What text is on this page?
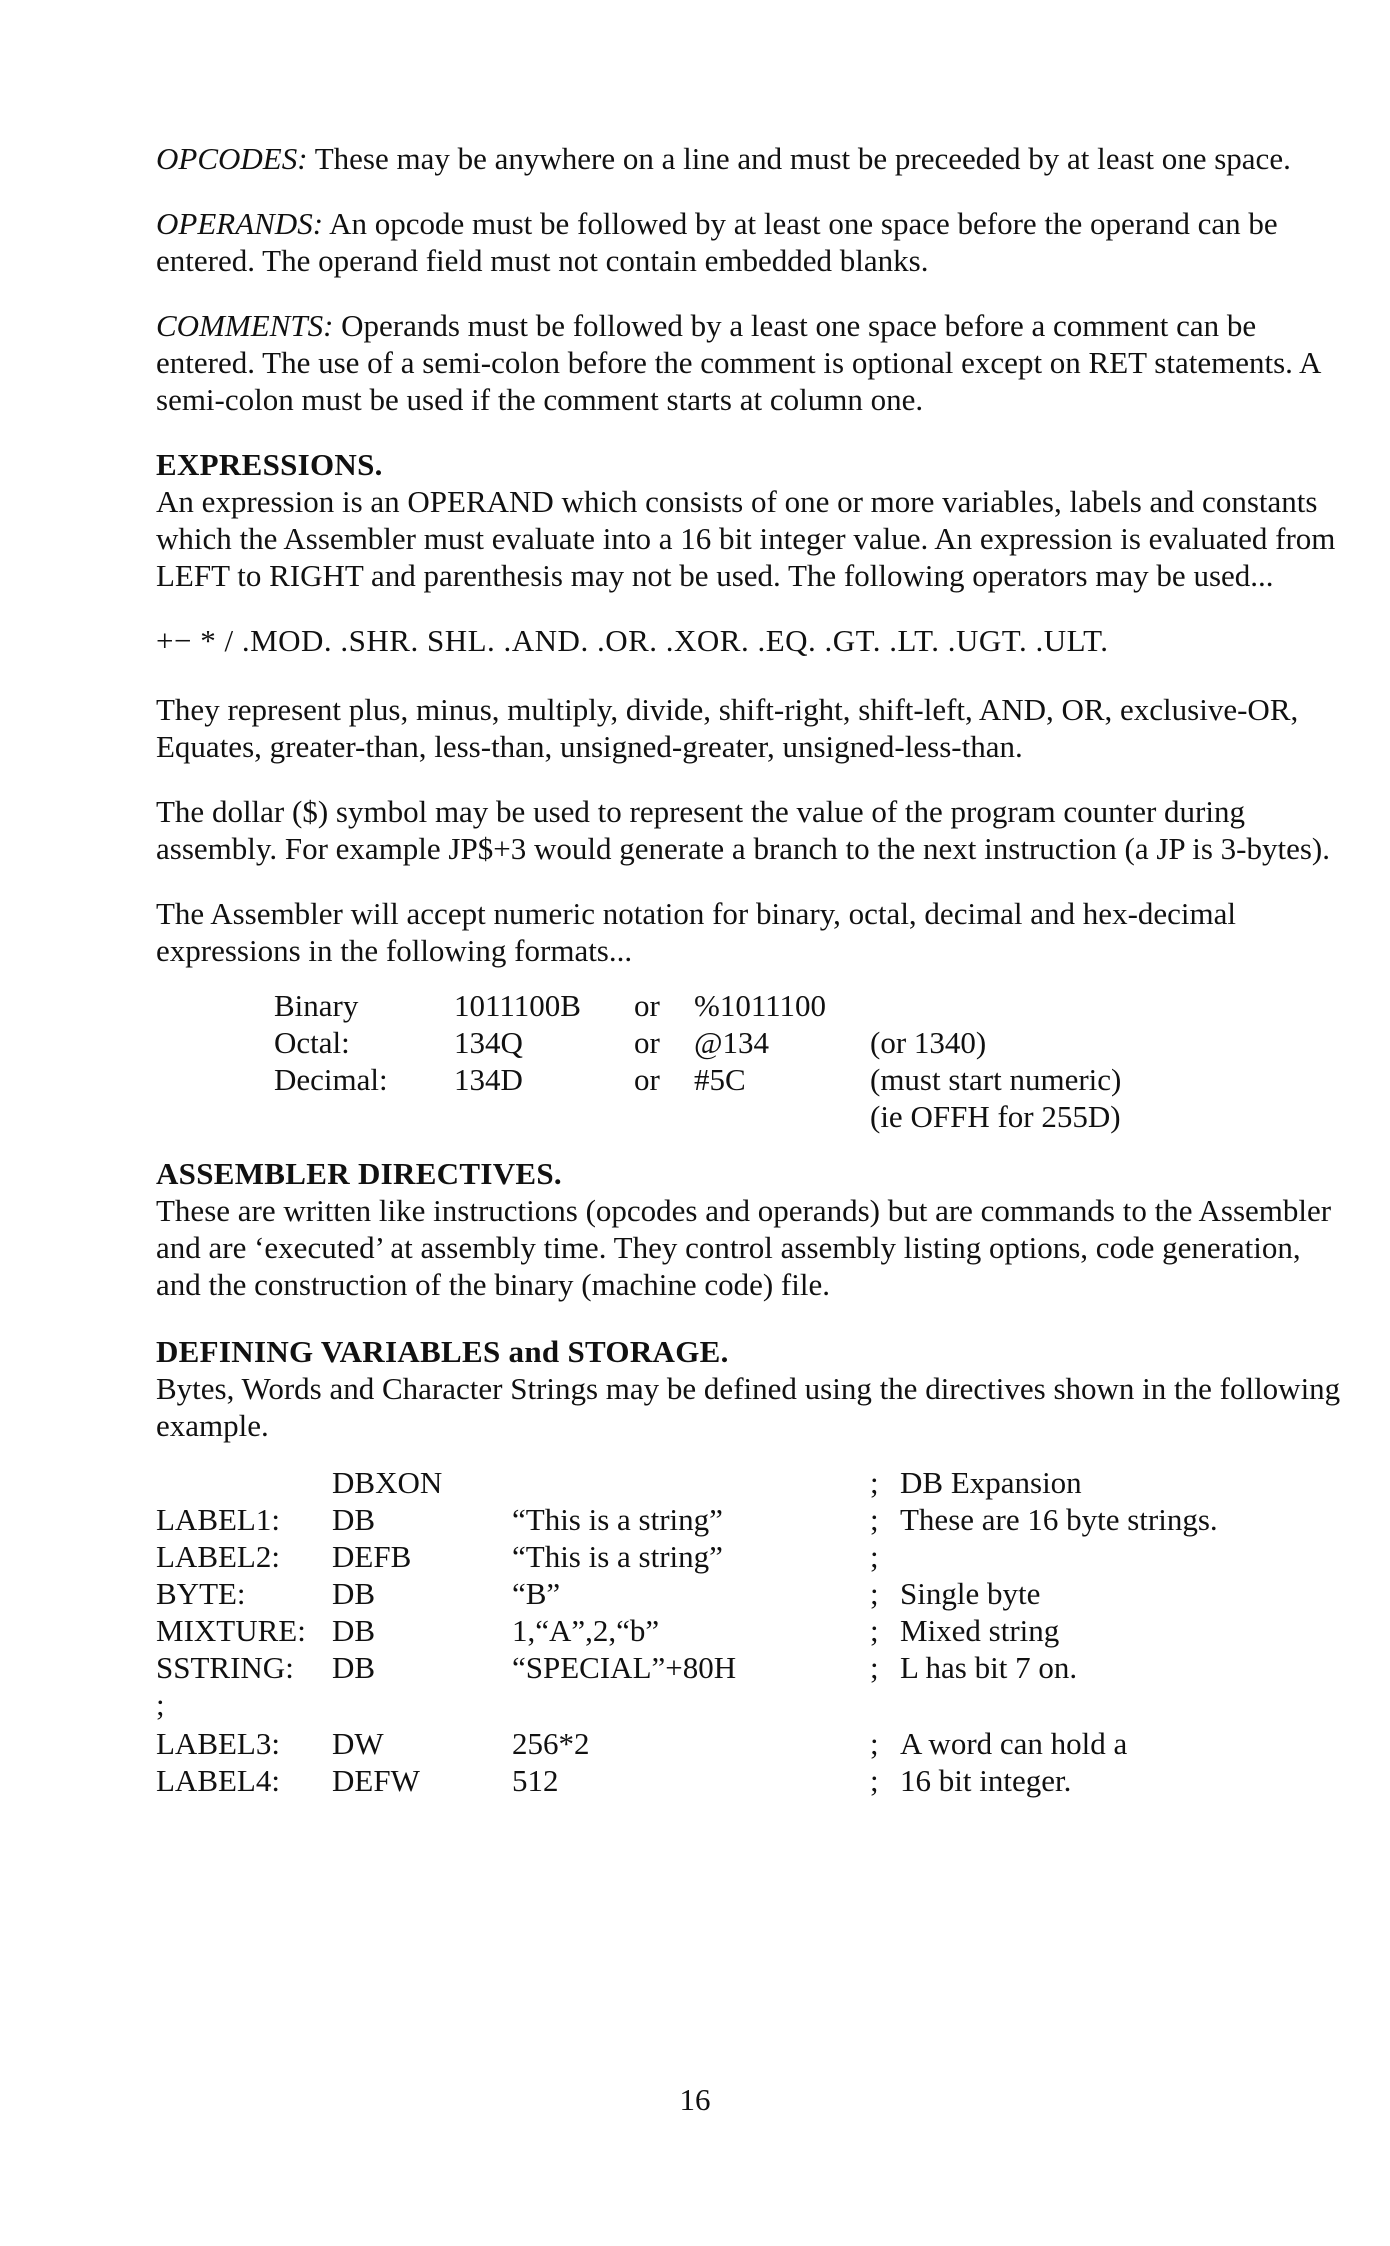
OPCODES: These may be anywhere on a line and must be preceeded by at least one space.

OPERANDS: An opcode must be followed by at least one space before the operand can be entered. The operand field must not contain embedded blanks.

COMMENTS: Operands must be followed by a least one space before a comment can be entered. The use of a semi-colon before the comment is optional except on RET statements. A semi-colon must be used if the comment starts at column one.

EXPRESSIONS.

An expression is an OPERAND which consists of one or more variables, labels and constants which the Assembler must evaluate into a 16 bit integer value. An expression is evaluated from LEFT to RIGHT and parenthesis may not be used. The following operators may be used...

+− * / .MOD. .SHR. SHL. .AND. .OR. .XOR. .EQ. .GT. .LT. .UGT. .ULT.

They represent plus, minus, multiply, divide, shift-right, shift-left, AND, OR, exclusive-OR, Equates, greater-than, less-than, unsigned-greater, unsigned-less-than.

The dollar ($) symbol may be used to represent the value of the program counter during assembly. For example JP$+3 would generate a branch to the next instruction (a JP is 3-bytes).

The Assembler will accept numeric notation for binary, octal, decimal and hex-decimal expressions in the following formats...

Binary	1011100B	or	%1011100	
Octal:	134Q	or	@134	(or 1340)
Decimal:	134D	or	#5C	(must start numeric)
				(ie OFFH for 255D)

ASSEMBLER DIRECTIVES.

These are written like instructions (opcodes and operands) but are commands to the Assembler and are ‘executed’ at assembly time. They control assembly listing options, code generation, and the construction of the binary (machine code) file.

DEFINING VARIABLES and STORAGE.

Bytes, Words and Character Strings may be defined using the directives shown in the following example.

	DBXON		;	DB Expansion
LABEL1:	DB	“This is a string”	;	These are 16 byte strings.
LABEL2:	DEFB	“This is a string”	;	
BYTE:	DB	“B”	;	Single byte
MIXTURE:	DB	1,“A”,2,“b”	;	Mixed string
SSTRING:	DB	“SPECIAL”+80H	;	L has bit 7 on.
;				
LABEL3:	DW	256*2	;	A word can hold a
LABEL4:	DEFW	512	;	16 bit integer.
16
